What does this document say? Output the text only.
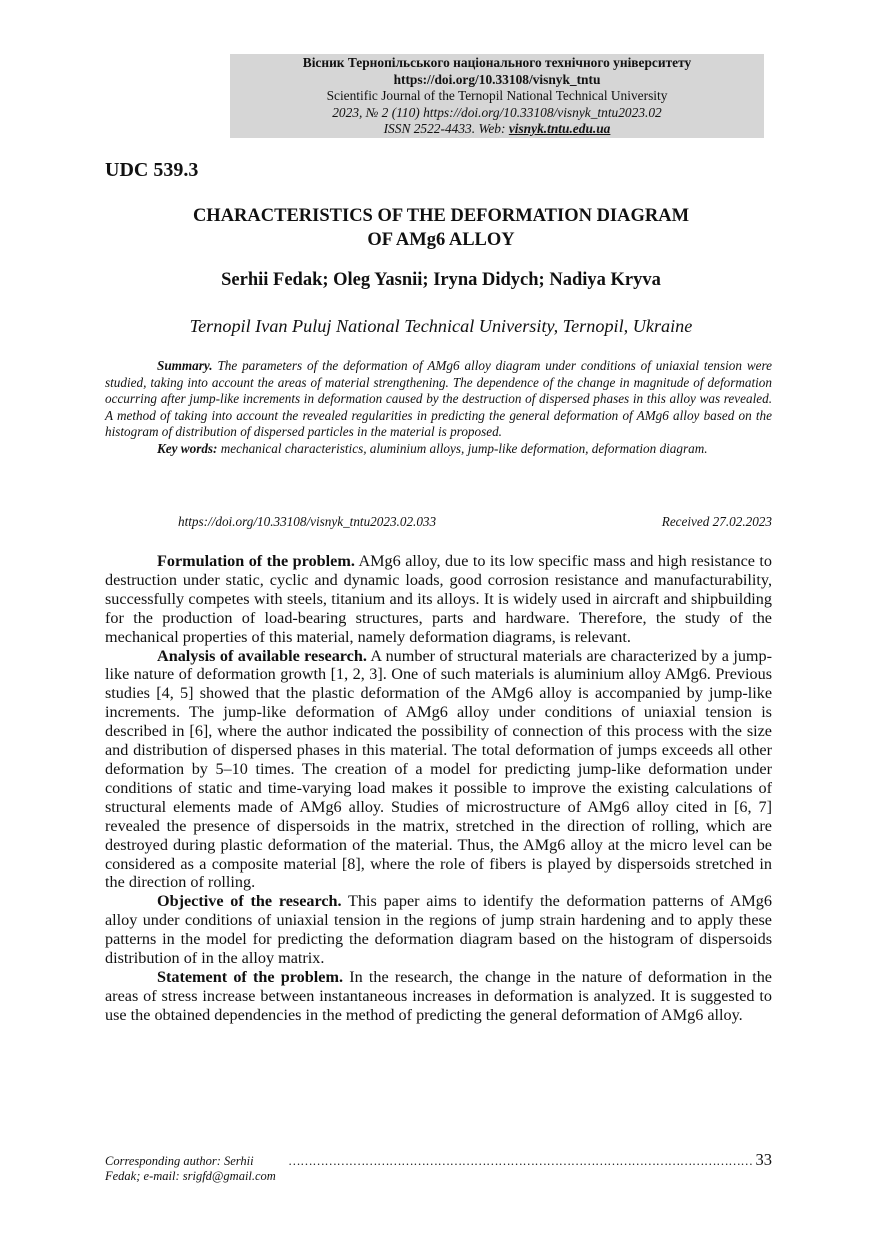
Вісник Тернопільського національного технічного університету
https://doi.org/10.33108/visnyk_tntu
Scientific Journal of the Ternopil National Technical University
2023, № 2 (110) https://doi.org/10.33108/visnyk_tntu2023.02
ISSN 2522-4433. Web: visnyk.tntu.edu.ua
UDC 539.3
CHARACTERISTICS OF THE DEFORMATION DIAGRAM
OF AMg6 ALLOY
Serhii Fedak; Oleg Yasnii; Iryna Didych; Nadiya Kryva
Ternopil Ivan Puluj National Technical University, Ternopil, Ukraine

Summary. The parameters of the deformation of AMg6 alloy diagram under conditions of uniaxial tension were studied, taking into account the areas of material strengthening. The dependence of the change in magnitude of deformation occurring after jump-like increments in deformation caused by the destruction of dispersed phases in this alloy was revealed. A method of taking into account the revealed regularities in predicting the general deformation of AMg6 alloy based on the histogram of distribution of dispersed particles in the material is proposed.

Key words: mechanical characteristics, aluminium alloys, jump-like deformation, deformation diagram.

https://doi.org/10.33108/visnyk_tntu2023.02.033	Received 27.02.2023

Formulation of the problem. AMg6 alloy, due to its low specific mass and high resistance to destruction under static, cyclic and dynamic loads, good corrosion resistance and manufacturability, successfully competes with steels, titanium and its alloys. It is widely used in aircraft and shipbuilding for the production of load-bearing structures, parts and hardware. Therefore, the study of the mechanical properties of this material, namely deformation diagrams, is relevant.

Analysis of available research. A number of structural materials are characterized by a jump-like nature of deformation growth [1, 2, 3]. One of such materials is aluminium alloy AMg6. Previous studies [4, 5] showed that the plastic deformation of the AMg6 alloy is accompanied by jump-like increments. The jump-like deformation of AMg6 alloy under conditions of uniaxial tension is described in [6], where the author indicated the possibility of connection of this process with the size and distribution of dispersed phases in this material. The total deformation of jumps exceeds all other deformation by 5–10 times. The creation of a model for predicting jump-like deformation under conditions of static and time-varying load makes it possible to improve the existing calculations of structural elements made of AMg6 alloy. Studies of microstructure of AMg6 alloy cited in [6, 7] revealed the presence of dispersoids in the matrix, stretched in the direction of rolling, which are destroyed during plastic deformation of the material. Thus, the AMg6 alloy at the micro level can be considered as a composite material [8], where the role of fibers is played by dispersoids stretched in the direction of rolling.

Objective of the research. This paper aims to identify the deformation patterns of AMg6 alloy under conditions of uniaxial tension in the regions of jump strain hardening and to apply these patterns in the model for predicting the deformation diagram based on the histogram of dispersoids distribution of in the alloy matrix.

Statement of the problem. In the research, the change in the nature of deformation in the areas of stress increase between instantaneous increases in deformation is analyzed. It is suggested to use the obtained dependencies in the method of predicting the general deformation of AMg6 alloy.

Corresponding author: Serhii Fedak; e-mail: srigfd@gmail.com
…………….……………………………………………………………………………………… 33
